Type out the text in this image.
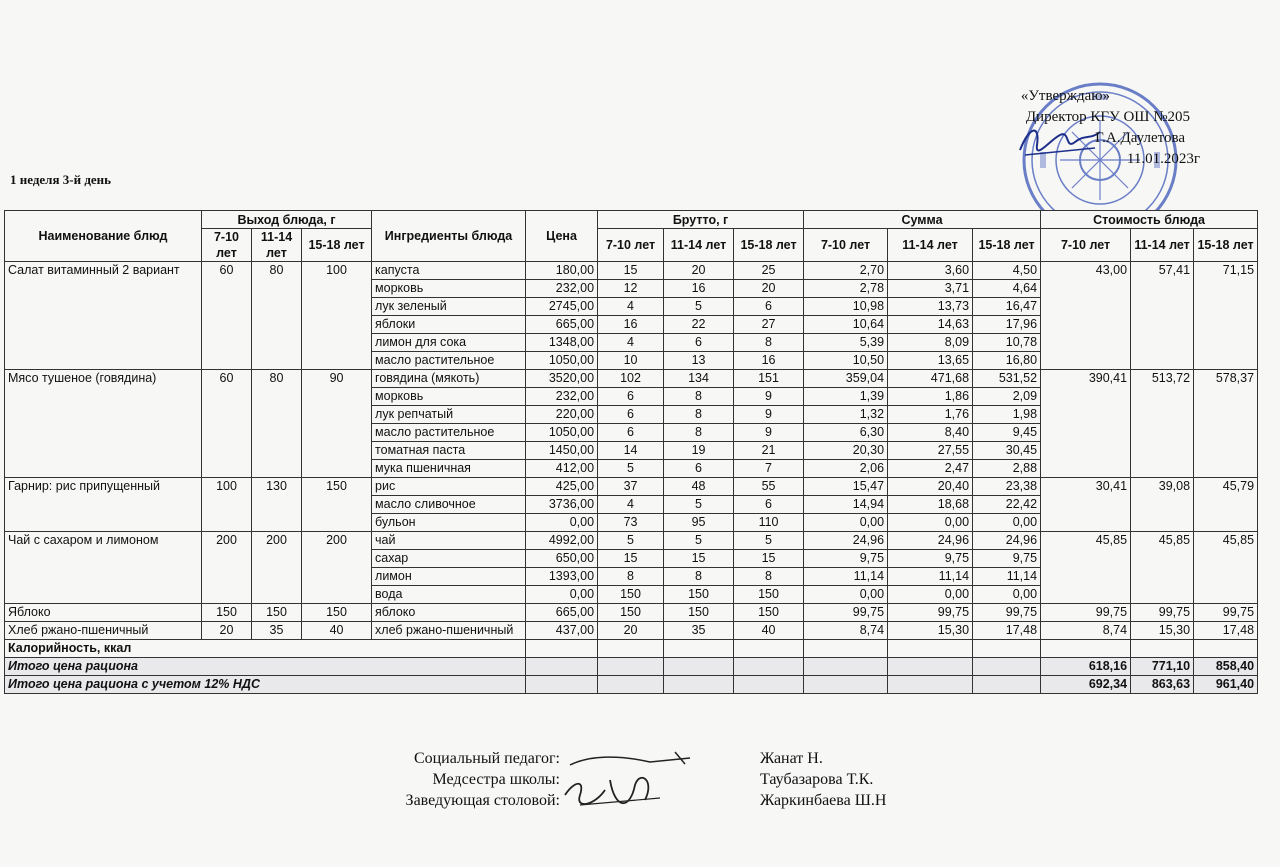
«Утверждаю»
Директор КГУ ОШ №205
Г.А.Даулетова
11.01.2023г
1 неделя 3-й день
Наименование блюд	Выход блюда, г			Ингредиенты блюда	Цена	Брутто, г			Сумма			Стоимость блюда		
	7-10 лет	11-14 лет	15-18 лет			7-10 лет	11-14 лет	15-18 лет	7-10 лет	11-14 лет	15-18 лет	7-10 лет	11-14 лет	15-18 лет
Салат витаминный 2 вариант	60	80	100	капуста	180,00	15	20	25	2,70	3,60	4,50	43,00	57,41	71,15
				морковь	232,00	12	16	20	2,78	3,71	4,64			
				лук зеленый	2745,00	4	5	6	10,98	13,73	16,47			
				яблоки	665,00	16	22	27	10,64	14,63	17,96			
				лимон для сока	1348,00	4	6	8	5,39	8,09	10,78			
				масло растительное	1050,00	10	13	16	10,50	13,65	16,80			
Мясо тушеное (говядина)	60	80	90	говядина (мякоть)	3520,00	102	134	151	359,04	471,68	531,52	390,41	513,72	578,37
				морковь	232,00	6	8	9	1,39	1,86	2,09			
				лук репчатый	220,00	6	8	9	1,32	1,76	1,98			
				масло растительное	1050,00	6	8	9	6,30	8,40	9,45			
				томатная паста	1450,00	14	19	21	20,30	27,55	30,45			
				мука пшеничная	412,00	5	6	7	2,06	2,47	2,88			
Гарнир: рис припущенный	100	130	150	рис	425,00	37	48	55	15,47	20,40	23,38	30,41	39,08	45,79
				масло сливочное	3736,00	4	5	6	14,94	18,68	22,42			
				бульон	0,00	73	95	110	0,00	0,00	0,00			
Чай с сахаром и лимоном	200	200	200	чай	4992,00	5	5	5	24,96	24,96	24,96	45,85	45,85	45,85
				сахар	650,00	15	15	15	9,75	9,75	9,75			
				лимон	1393,00	8	8	8	11,14	11,14	11,14			
				вода	0,00	150	150	150	0,00	0,00	0,00			
Яблоко	150	150	150	яблоко	665,00	150	150	150	99,75	99,75	99,75	99,75	99,75	99,75
Хлеб ржано-пшеничный	20	35	40	хлеб ржано-пшеничный	437,00	20	35	40	8,74	15,30	17,48	8,74	15,30	17,48
Калорийность, ккал														
Итого цена рациона												618,16	771,10	858,40
Итого цена рациона с учетом 12% НДС												692,34	863,63	961,40
Социальный педагог:
Медсестра школы:
Заведующая столовой:
Жанат Н.
Таубазарова Т.К.
Жаркинбаева Ш.Н
